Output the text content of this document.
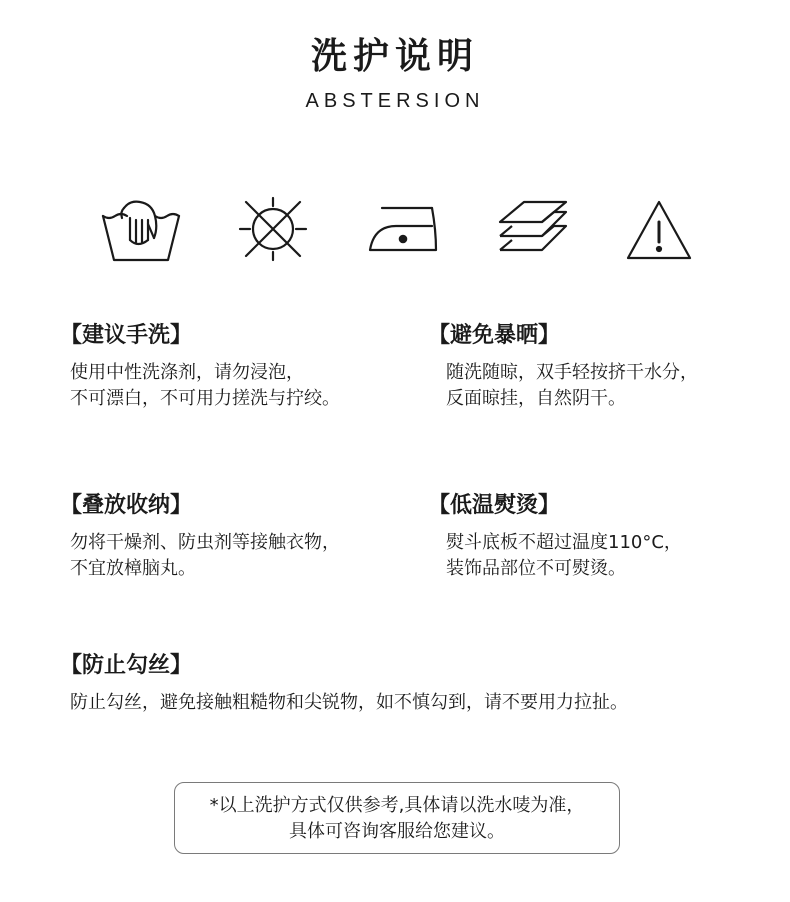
洗护说明
ABSTERSION
【建议手洗】
使用中性洗涤剂，请勿浸泡，
不可漂白，不可用力搓洗与拧绞。
【避免暴晒】
随洗随晾，双手轻按挤干水分，
反面晾挂，自然阴干。
【叠放收纳】
勿将干燥剂、防虫剂等接触衣物，
不宜放樟脑丸。
【低温熨烫】
熨斗底板不超过温度110°C，
装饰品部位不可熨烫。
【防止勾丝】
防止勾丝，避免接触粗糙物和尖锐物，如不慎勾到，请不要用力拉扯。
*以上洗护方式仅供参考,具体请以洗水唛为准，
具体可咨询客服给您建议。
